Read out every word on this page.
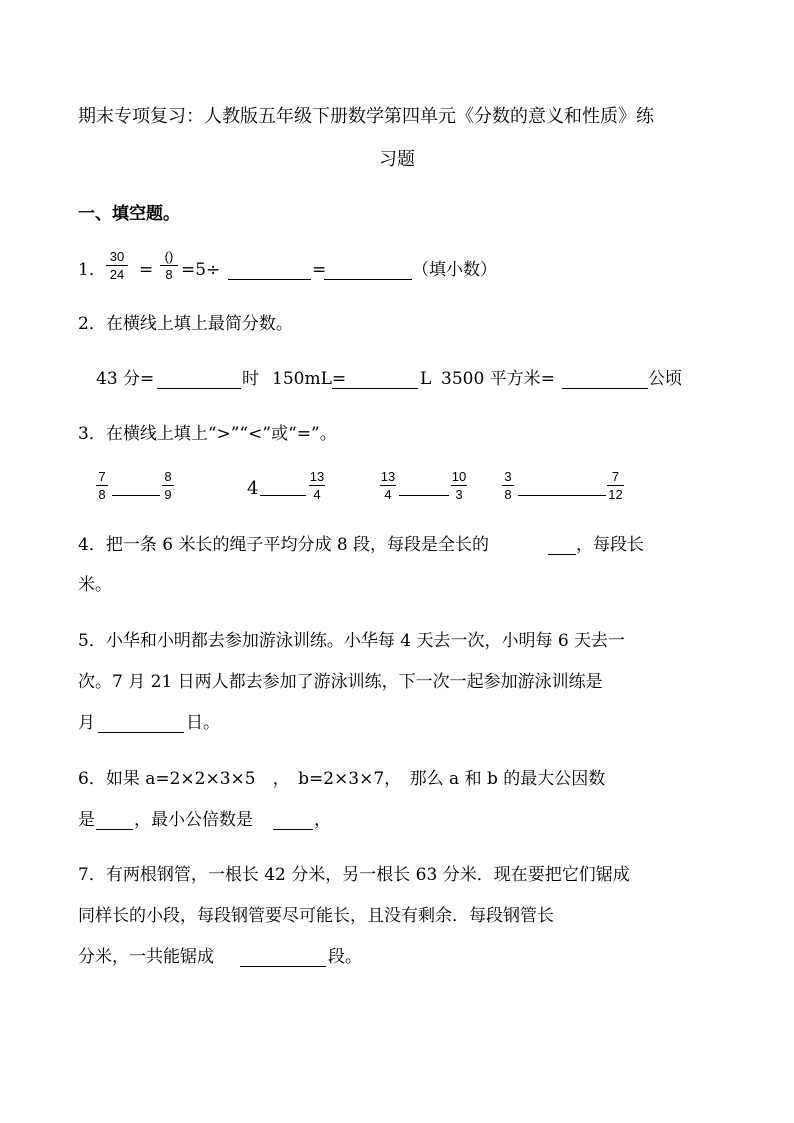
期末专项复习：人教版五年级下册数学第四单元《分数的意义和性质》练
习题
一、填空题。
1．
30
24 =
()
8 =5÷	=	（填小数）
2．在横线上填上最简分数。
43 分=	时 150mL=	L 3500 平方米=	公顷
3．在横线上填上“>”“<”或“=”。
7
8
8
9	4
13
4
13
4
10
3
3
8
7
12
4．把一条 6 米长的绳子平均分成 8 段，每段是全长的	，每段长
米。
5．小华和小明都去参加游泳训练。小华每 4 天去一次，小明每 6 天去一
次。7 月 21 日两人都去参加了游泳训练，下一次一起参加游泳训练是
月	日。
6．如果 a=2×2×3×5　，　b=2×3×7，　那么 a 和 b 的最大公因数
是 ，最小公倍数是	，
7．有两根钢管，一根长 42 分米，另一根长 63 分米．现在要把它们锯成
同样长的小段，每段钢管要尽可能长，且没有剩余．每段钢管长
分米，一共能锯成	段。
